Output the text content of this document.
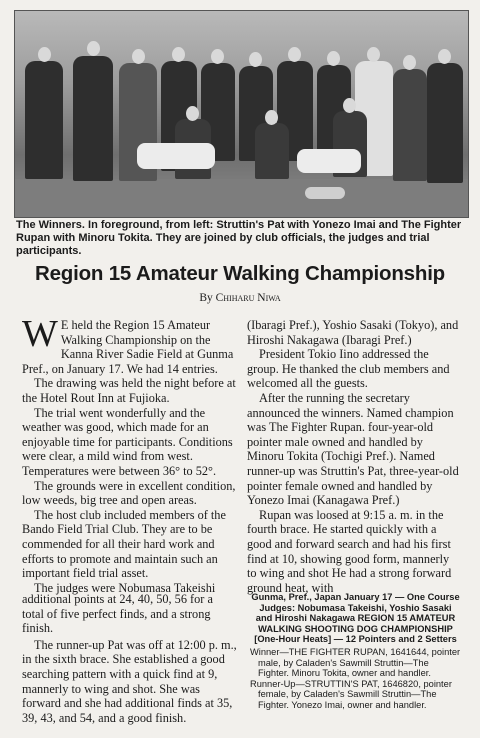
The Winners. In foreground, from left: Struttin's Pat with Yonezo Imai and The Fighter Rupan with Minoru Tokita. They are joined by club officials, the judges and trial participants.
Region 15 Amateur Walking Championship
By Chiharu Niwa

W E held the Region 15 Amateur Walking Championship on the Kanna River Sadie Field at Gunma Pref., on January 17. We had 14 entries.

The drawing was held the night before at the Hotel Rout Inn at Fujioka.

The trial went wonderfully and the weather was good, which made for an enjoyable time for participants. Conditions were clear, a mild wind from west. Temperatures were between 36° to 52°.

The grounds were in excellent condition, low weeds, big tree and open areas.

The host club included members of the Bando Field Trial Club. They are to be commended for all their hard work and efforts to promote and maintain such an important field trial asset.

The judges were Nobumasa Takeishi

(Ibaragi Pref.), Yoshio Sasaki (Tokyo), and Hiroshi Nakagawa (Ibaragi Pref.)

President Tokio Iino addressed the group. He thanked the club members and welcomed all the guests.

After the running the secretary announced the winners. Named champion was The Fighter Rupan. four-year-old pointer male owned and handled by Minoru Tokita (Tochigi Pref.). Named runner-up was Struttin's Pat, three-year-old pointer female owned and handled by Yonezo Imai (Kanagawa Pref.)

Rupan was loosed at 9:15 a. m. in the fourth brace. He started quickly with a good and forward search and had his first find at 10, showing good form, mannerly to wing and shot He had a strong forward ground heat, with

additional points at 24, 40, 50, 56 for a total of five perfect finds, and a strong finish.

The runner-up Pat was off at 12:00 p. m., in the sixth brace. She established a good searching pattern with a quick find at 9, mannerly to wing and shot. She was forward and she had additional finds at 35, 39, 43, and 54, and a good finish.

Gunma, Pref., Japan January 17 — One Course Judges: Nobumasa Takeishi, Yoshio Sasaki and Hiroshi Nakagawa REGION 15 AMATEUR WALKING SHOOTING DOG CHAMPIONSHIP [One-Hour Heats] — 12 Pointers and 2 Setters

Winner—THE FIGHTER RUPAN, 1641644, pointer male, by Caladen's Sawmill Struttin—The Fighter. Minoru Tokita, owner and handler.

Runner-Up—STRUTTIN'S PAT, 1646820, pointer female, by Caladen's Sawmill Struttin—The Fighter. Yonezo Imai, owner and handler.
